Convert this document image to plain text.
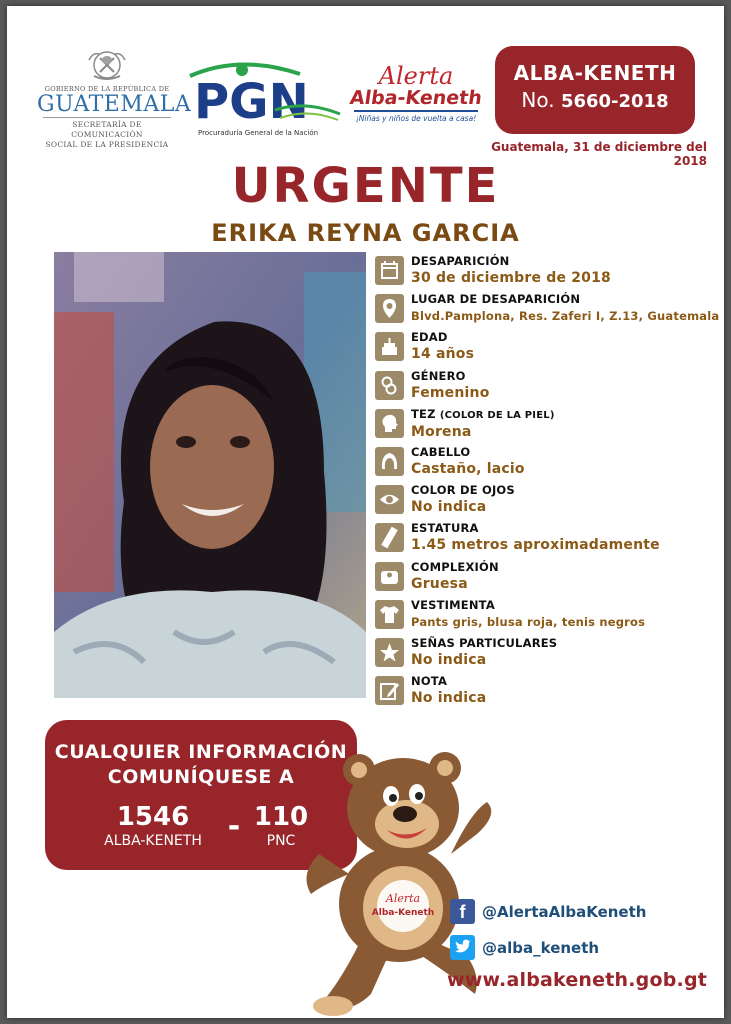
GOBIERNO DE LA REPÚBLICA DE
GUATEMALA
SECRETARÍA DE COMUNICACIÓN
SOCIAL DE LA PRESIDENCIA
PGN
Procuraduría General de la Nación
Alerta
Alba-Keneth
¡Niñas y niños de vuelta a casa!
ALBA-KENETH
No. 5660-2018
Guatemala, 31 de diciembre del 2018
URGENTE
ERIKA REYNA GARCIA
DESAPARICIÓN
30 de diciembre de 2018
LUGAR DE DESAPARICIÓN
Blvd.Pamplona, Res. Zaferi I, Z.13, Guatemala
EDAD
14 años
GÉNERO
Femenino
TEZ (COLOR DE LA PIEL)
Morena
CABELLO
Castaño, lacio
COLOR DE OJOS
No indica
ESTATURA
1.45 metros aproximadamente
COMPLEXIÓN
Gruesa
VESTIMENTA
Pants gris, blusa roja, tenis negros
SEÑAS PARTICULARES
No indica
NOTA
No indica
CUALQUIER INFORMACIÓN
COMUNÍQUESE A
1546
ALBA-KENETH - 110
PNC
Alerta
Alba-Keneth	f	@AlertaAlbaKeneth
@alba_keneth
www.albakeneth.gob.gt
